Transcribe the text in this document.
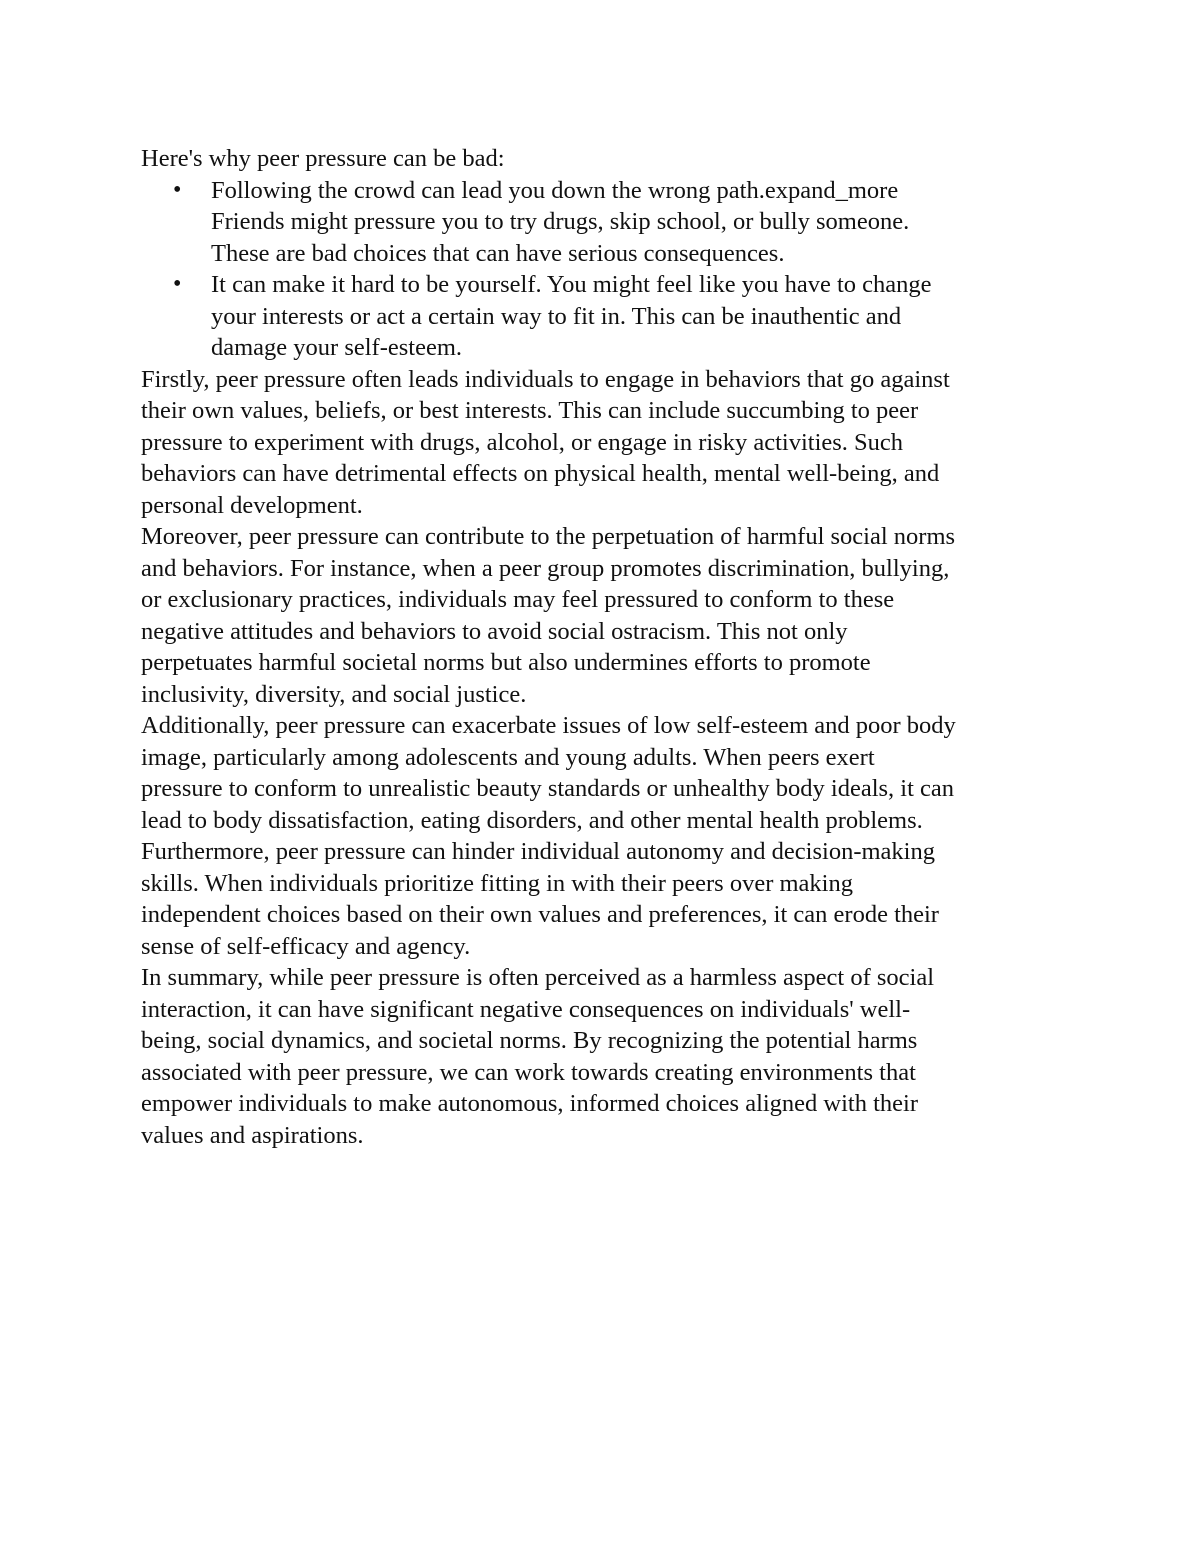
Here's why peer pressure can be bad:

•	Following the crowd can lead you down the wrong path.expand_more
Friends might pressure you to try drugs, skip school, or bully someone.
These are bad choices that can have serious consequences.
•	It can make it hard to be yourself. You might feel like you have to change
your interests or act a certain way to fit in. This can be inauthentic and
damage your self-esteem.

Firstly, peer pressure often leads individuals to engage in behaviors that go against
their own values, beliefs, or best interests. This can include succumbing to peer
pressure to experiment with drugs, alcohol, or engage in risky activities. Such
behaviors can have detrimental effects on physical health, mental well-being, and
personal development.

Moreover, peer pressure can contribute to the perpetuation of harmful social norms
and behaviors. For instance, when a peer group promotes discrimination, bullying,
or exclusionary practices, individuals may feel pressured to conform to these
negative attitudes and behaviors to avoid social ostracism. This not only
perpetuates harmful societal norms but also undermines efforts to promote
inclusivity, diversity, and social justice.

Additionally, peer pressure can exacerbate issues of low self-esteem and poor body
image, particularly among adolescents and young adults. When peers exert
pressure to conform to unrealistic beauty standards or unhealthy body ideals, it can
lead to body dissatisfaction, eating disorders, and other mental health problems.

Furthermore, peer pressure can hinder individual autonomy and decision-making
skills. When individuals prioritize fitting in with their peers over making
independent choices based on their own values and preferences, it can erode their
sense of self-efficacy and agency.

In summary, while peer pressure is often perceived as a harmless aspect of social
interaction, it can have significant negative consequences on individuals' well-
being, social dynamics, and societal norms. By recognizing the potential harms
associated with peer pressure, we can work towards creating environments that
empower individuals to make autonomous, informed choices aligned with their
values and aspirations.
